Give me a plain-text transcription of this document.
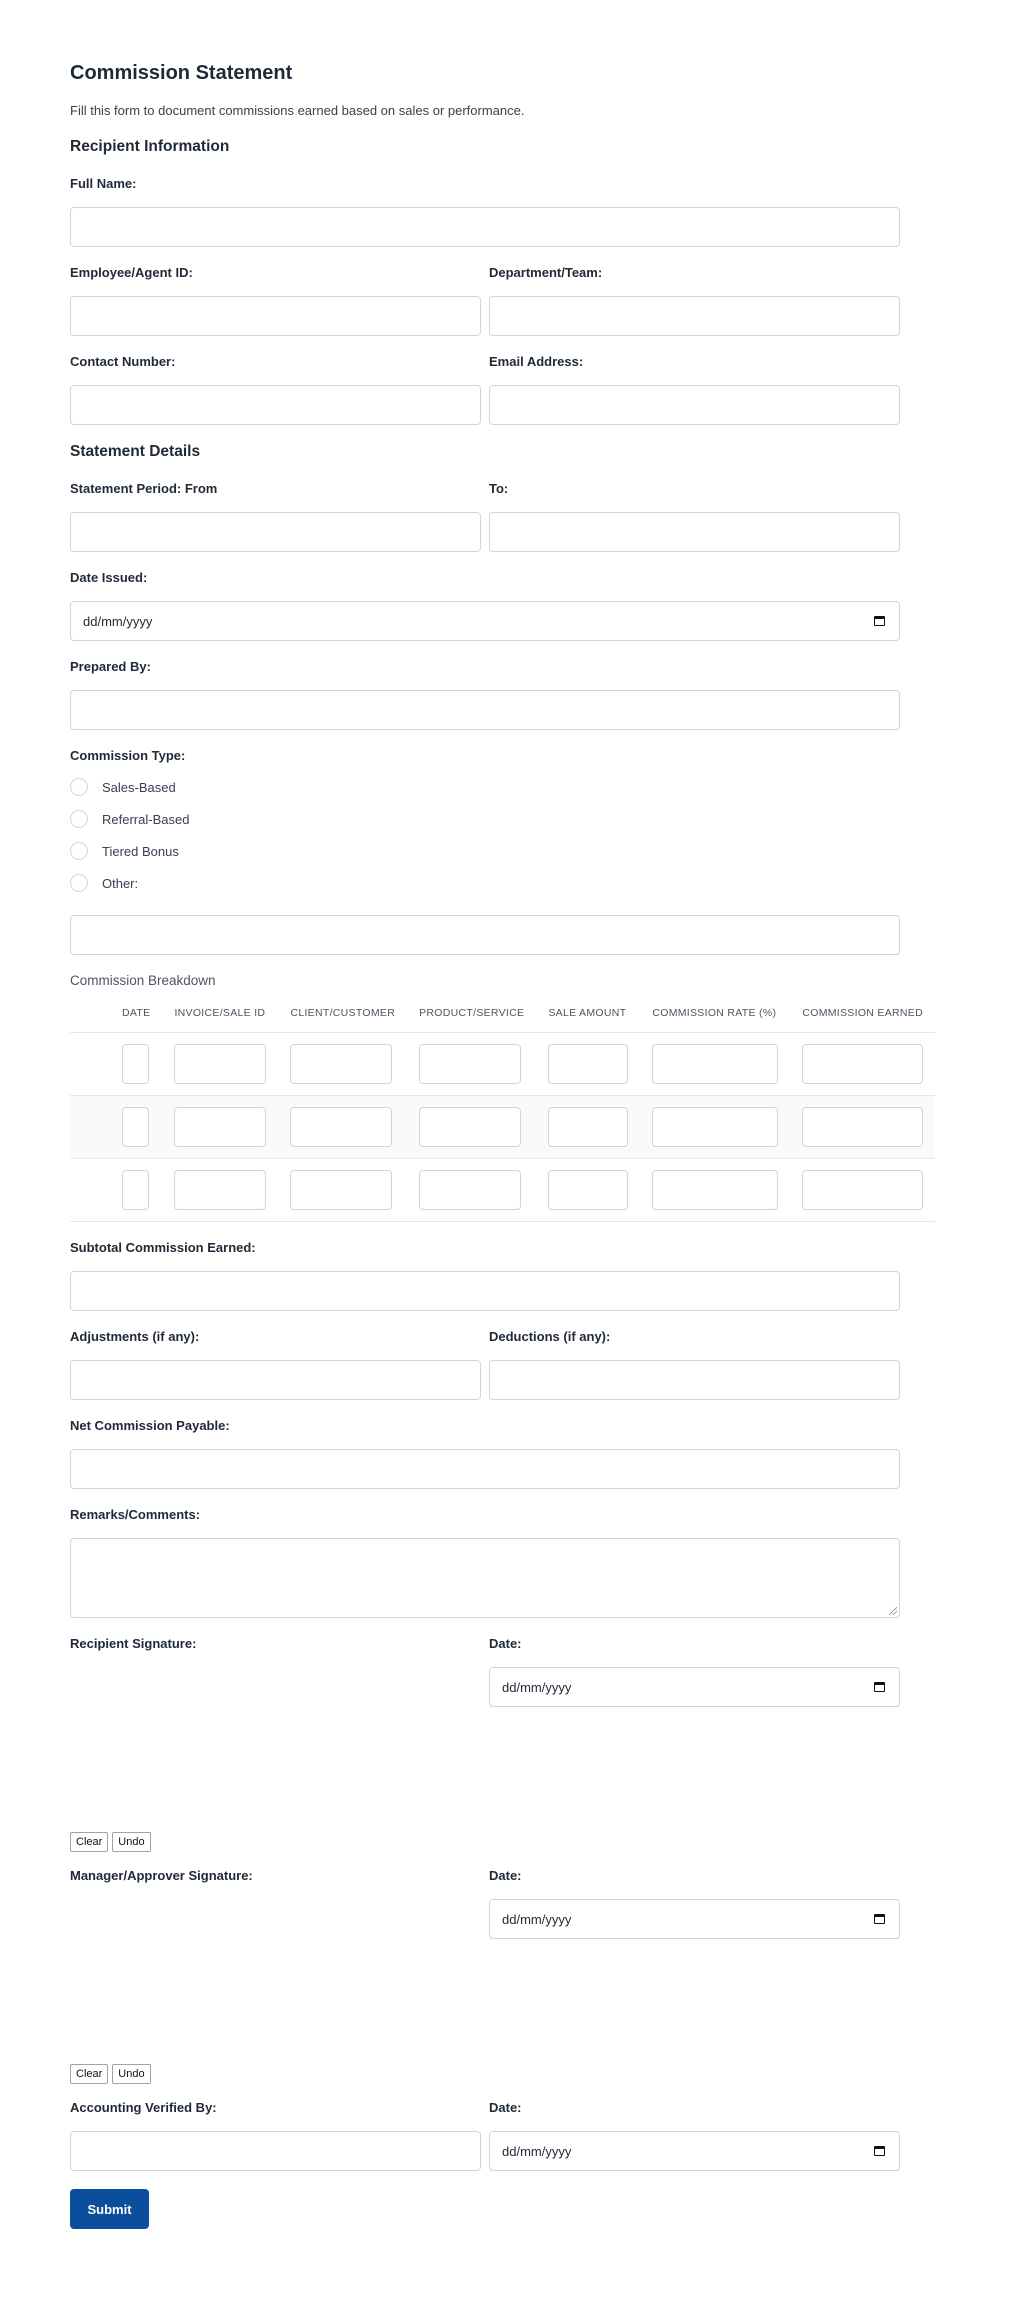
Commission Statement
Fill this form to document commissions earned based on sales or performance.
Recipient Information
Full Name:
Employee/Agent ID:	Department/Team:
Contact Number:	Email Address:
Statement Details
Statement Period: From	To:
Date Issued:
dd/mm/yyyy
Prepared By:
Commission Type:
Sales-Based
Referral-Based
Tiered Bonus
Other:
Commission Breakdown
	DATE	INVOICE/SALE ID	CLIENT/CUSTOMER	PRODUCT/SERVICE	SALE AMOUNT	COMMISSION RATE (%)	COMMISSION EARNED

Subtotal Commission Earned:
Adjustments (if any):	Deductions (if any):
Net Commission Payable:
Remarks/Comments:
Recipient Signature:	Date:
dd/mm/yyyy
Clear	Undo
Manager/Approver Signature:	Date:
dd/mm/yyyy
Clear	Undo
Accounting Verified By:	Date:
dd/mm/yyyy
Submit
